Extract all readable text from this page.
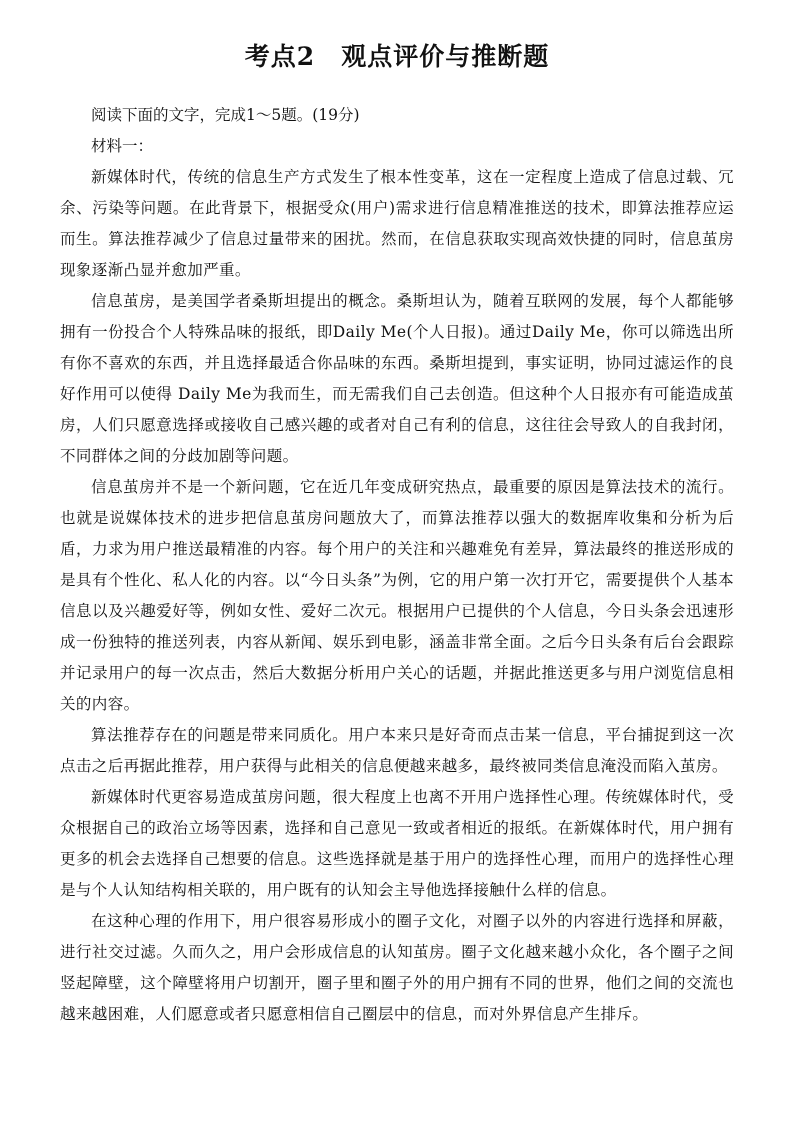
考点2 观点评价与推断题
阅读下面的文字，完成1～5题。(19分)
材料一：

新媒体时代，传统的信息生产方式发生了根本性变革，这在一定程度上造成了信息过载、冗余、污染等问题。在此背景下，根据受众(用户)需求进行信息精准推送的技术，即算法推荐应运而生。算法推荐减少了信息过量带来的困扰。然而，在信息获取实现高效快捷的同时，信息茧房现象逐渐凸显并愈加严重。

信息茧房，是美国学者桑斯坦提出的概念。桑斯坦认为，随着互联网的发展，每个人都能够拥有一份投合个人特殊品味的报纸，即Daily Me(个人日报)。通过Daily Me，你可以筛选出所有你不喜欢的东西，并且选择最适合你品味的东西。桑斯坦提到，事实证明，协同过滤运作的良好作用可以使得 Daily Me为我而生，而无需我们自己去创造。但这种个人日报亦有可能造成茧房，人们只愿意选择或接收自己感兴趣的或者对自己有利的信息，这往往会导致人的自我封闭，不同群体之间的分歧加剧等问题。

信息茧房并不是一个新问题，它在近几年变成研究热点，最重要的原因是算法技术的流行。也就是说媒体技术的进步把信息茧房问题放大了，而算法推荐以强大的数据库收集和分析为后盾，力求为用户推送最精准的内容。每个用户的关注和兴趣难免有差异，算法最终的推送形成的是具有个性化、私人化的内容。以“今日头条”为例，它的用户第一次打开它，需要提供个人基本信息以及兴趣爱好等，例如女性、爱好二次元。根据用户已提供的个人信息，今日头条会迅速形成一份独特的推送列表，内容从新闻、娱乐到电影，涵盖非常全面。之后今日头条有后台会跟踪并记录用户的每一次点击，然后大数据分析用户关心的话题，并据此推送更多与用户浏览信息相关的内容。

算法推荐存在的问题是带来同质化。用户本来只是好奇而点击某一信息，平台捕捉到这一次点击之后再据此推荐，用户获得与此相关的信息便越来越多，最终被同类信息淹没而陷入茧房。

新媒体时代更容易造成茧房问题，很大程度上也离不开用户选择性心理。传统媒体时代，受众根据自己的政治立场等因素，选择和自己意见一致或者相近的报纸。在新媒体时代，用户拥有更多的机会去选择自己想要的信息。这些选择就是基于用户的选择性心理，而用户的选择性心理是与个人认知结构相关联的，用户既有的认知会主导他选择接触什么样的信息。

在这种心理的作用下，用户很容易形成小的圈子文化，对圈子以外的内容进行选择和屏蔽，进行社交过滤。久而久之，用户会形成信息的认知茧房。圈子文化越来越小众化，各个圈子之间竖起障壁，这个障壁将用户切割开，圈子里和圈子外的用户拥有不同的世界，他们之间的交流也越来越困难，人们愿意或者只愿意相信自己圈层中的信息，而对外界信息产生排斥。
